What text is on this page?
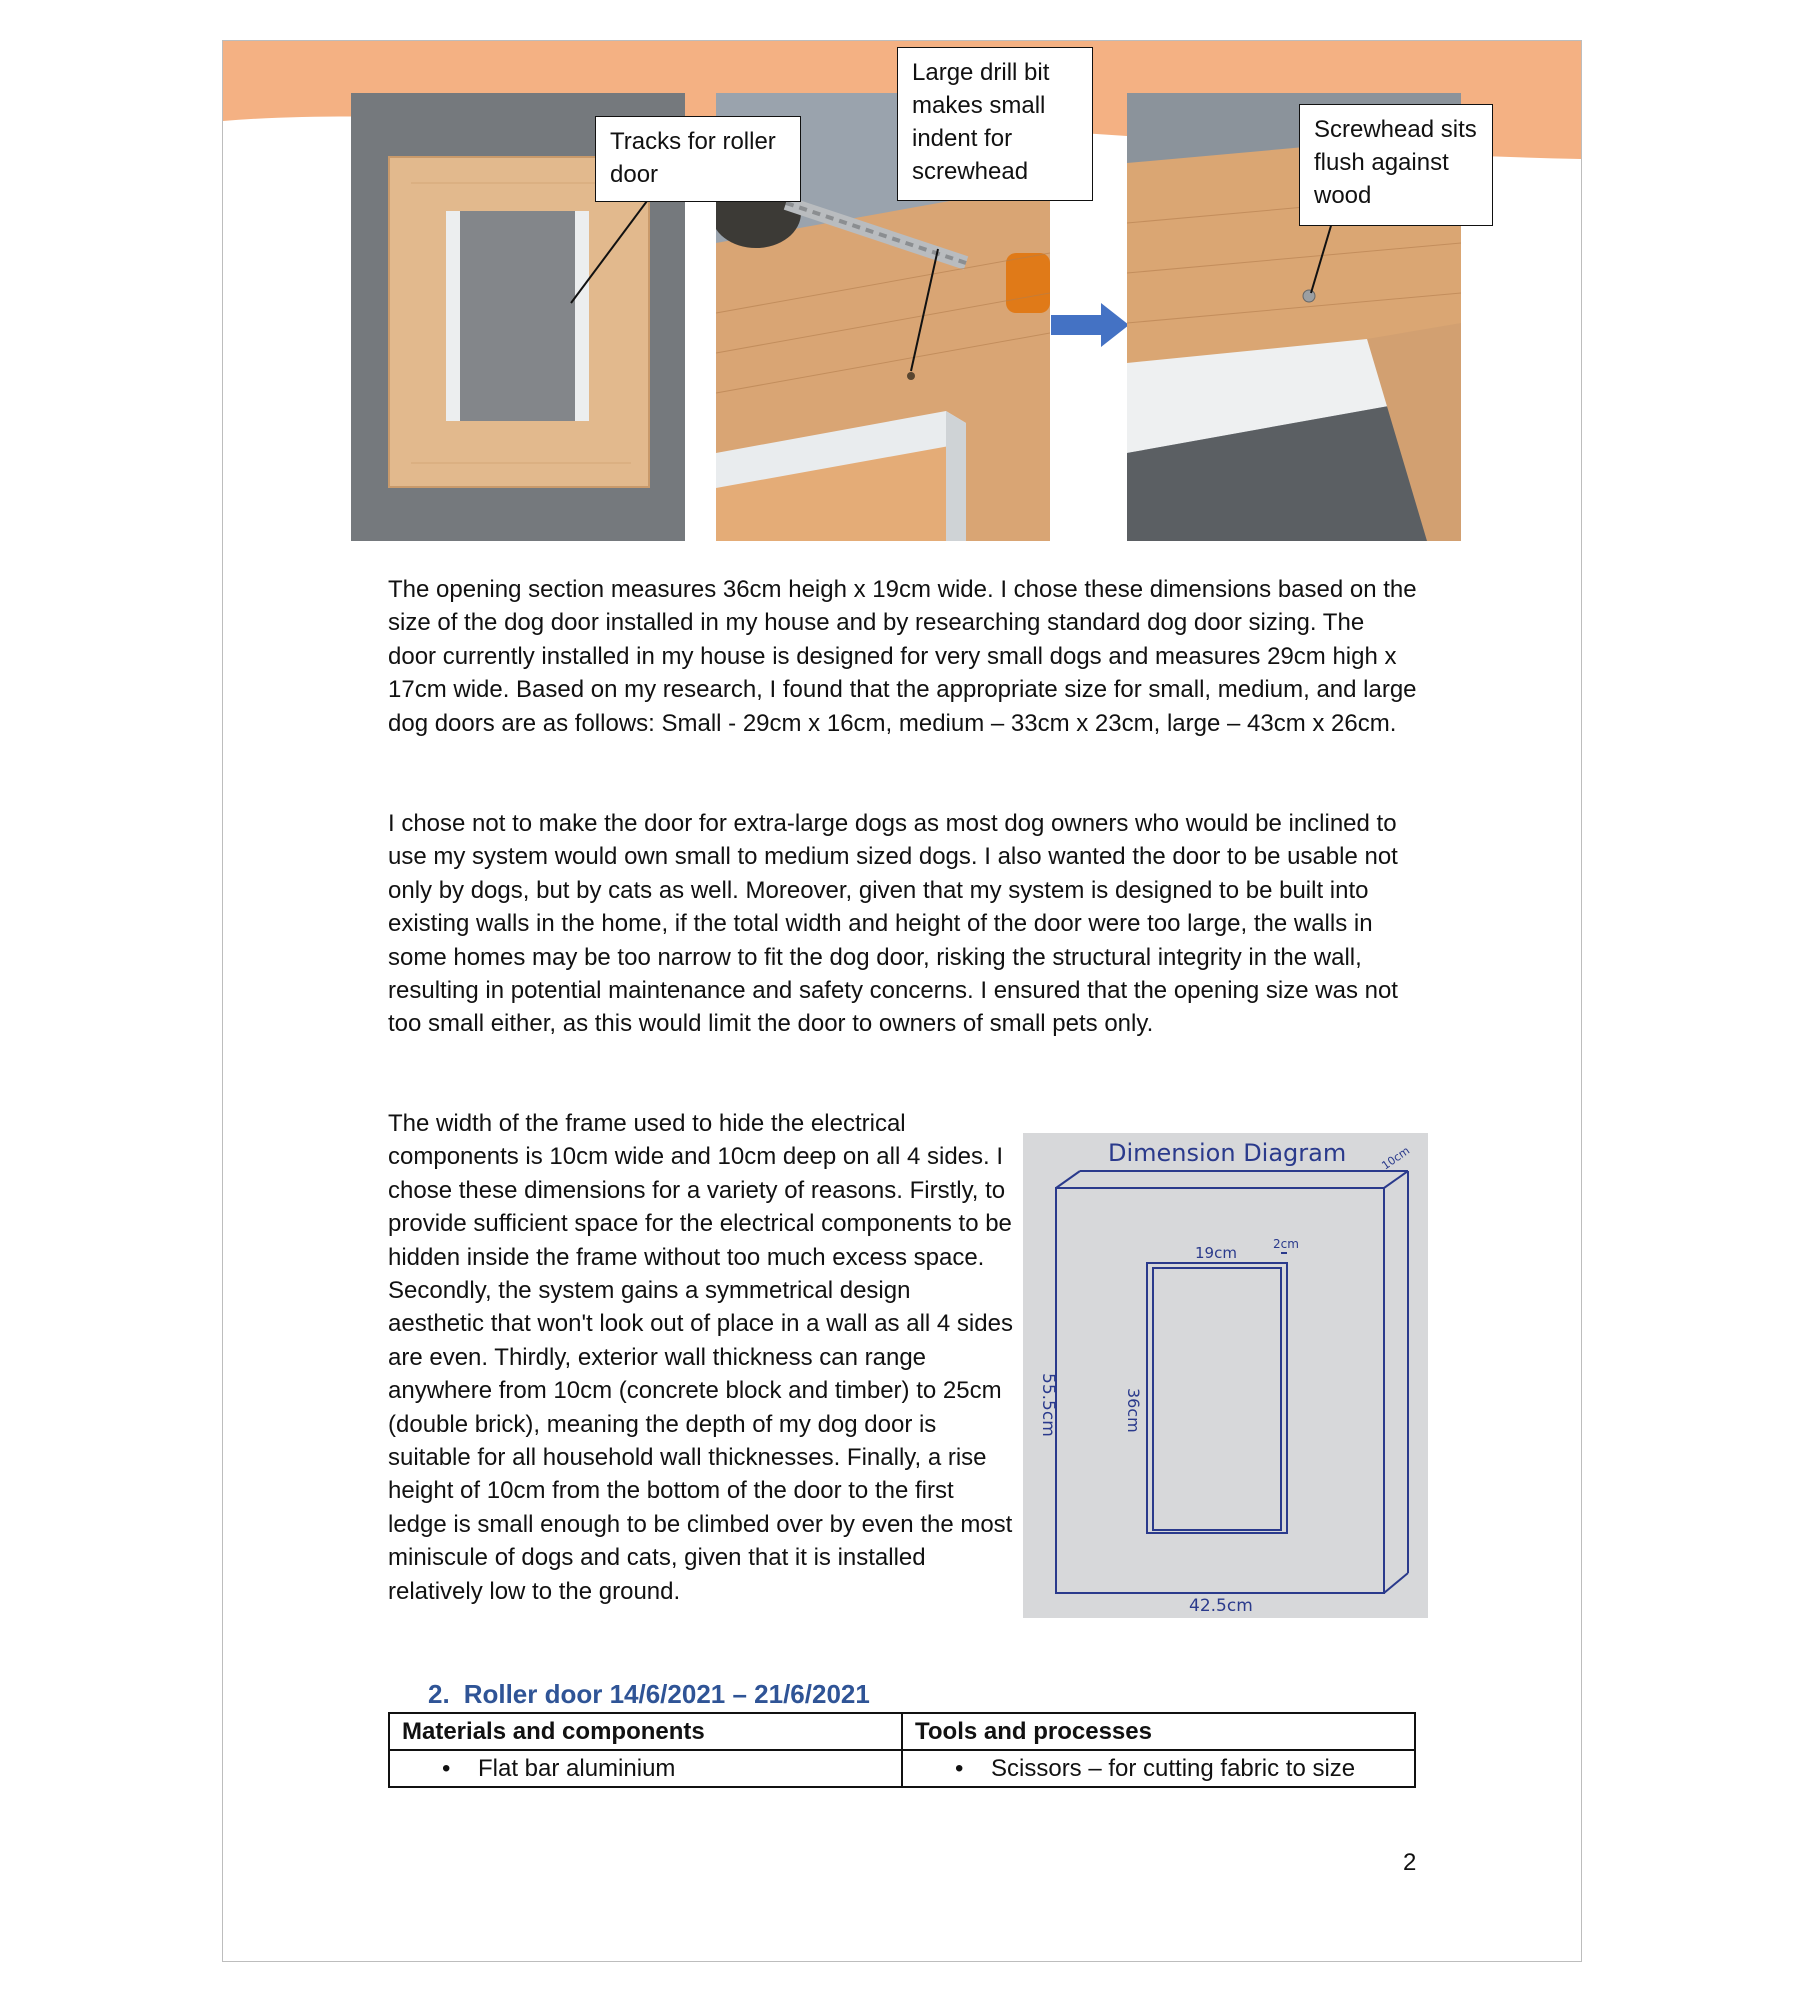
Tracks for roller door
Large drill bit makes small indent for screwhead
Screwhead sits flush against wood

The opening section measures 36cm heigh x 19cm wide. I chose these dimensions based on the size of the dog door installed in my house and by researching standard dog door sizing. The door currently installed in my house is designed for very small dogs and measures 29cm high x 17cm wide. Based on my research, I found that the appropriate size for small, medium, and large dog doors are as follows: Small - 29cm x 16cm, medium – 33cm x 23cm, large – 43cm x 26cm.

I chose not to make the door for extra-large dogs as most dog owners who would be inclined to use my system would own small to medium sized dogs. I also wanted the door to be usable not only by dogs, but by cats as well. Moreover, given that my system is designed to be built into existing walls in the home, if the total width and height of the door were too large, the walls in some homes may be too narrow to fit the dog door, risking the structural integrity in the wall, resulting in potential maintenance and safety concerns. I ensured that the opening size was not too small either, as this would limit the door to owners of small pets only.

The width of the frame used to hide the electrical components is 10cm wide and 10cm deep on all 4 sides. I chose these dimensions for a variety of reasons. Firstly, to provide sufficient space for the electrical components to be hidden inside the frame without too much excess space. Secondly, the system gains a symmetrical design aesthetic that won't look out of place in a wall as all 4 sides are even. Thirdly, exterior wall thickness can range anywhere from 10cm (concrete block and timber) to 25cm (double brick), meaning the depth of my dog door is suitable for all household wall thicknesses. Finally, a rise height of 10cm from the bottom of the door to the first ledge is small enough to be climbed over by even the most miniscule of dogs and cats, given that it is installed relatively low to the ground.

Dimension Diagram	10cm
19cm	2cm
55.5cm	36cm
42.5cm
2. Roller door 14/6/2021 – 21/6/2021
Materials and components	Tools and processes
• Flat bar aluminium	• Scissors – for cutting fabric to size
2
